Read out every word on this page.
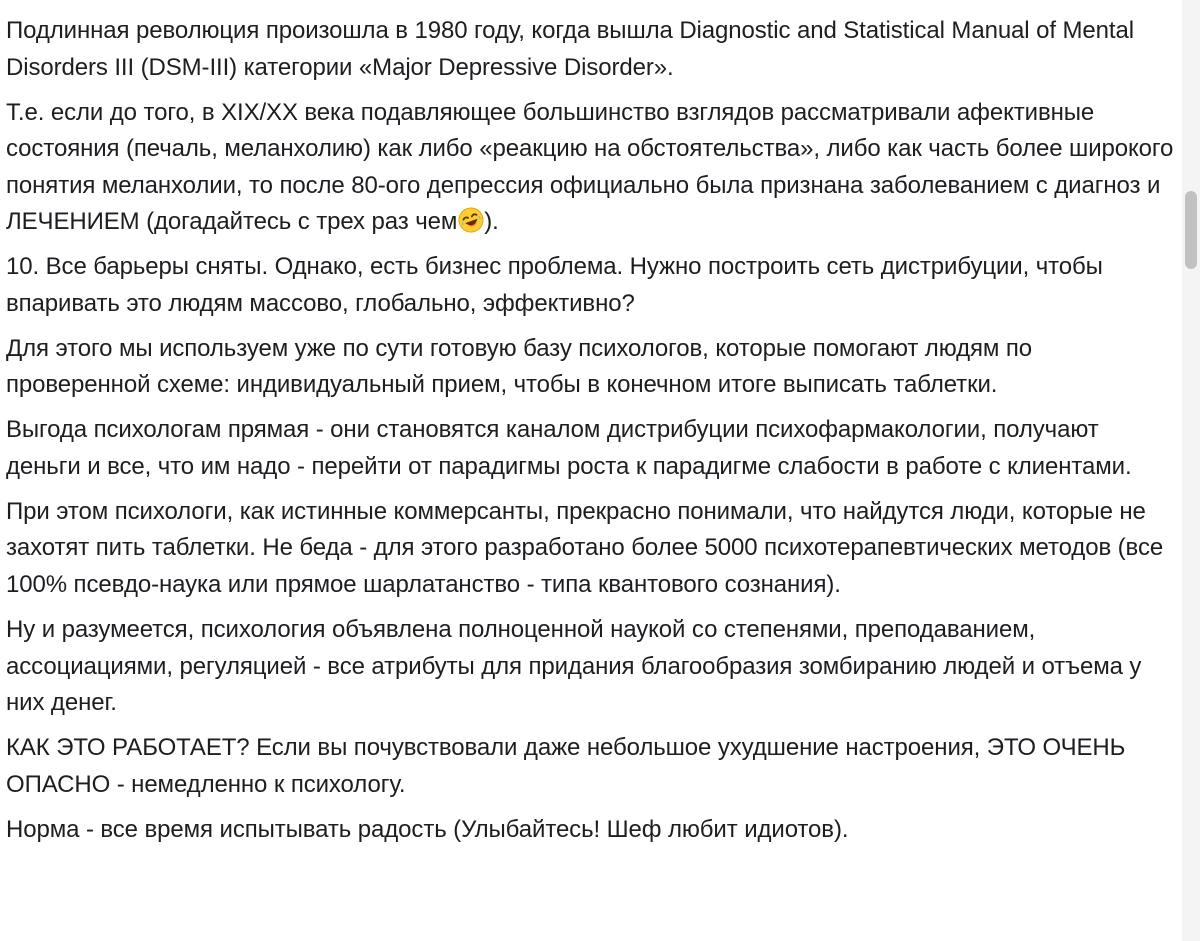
Подлинная революция произошла в 1980 году, когда вышла Diagnostic and Statistical Manual of Mental Disorders III (DSM-III) категории «Major Depressive Disorder».

Т.е. если до того, в XIX/XX века подавляющее большинство взглядов рассматривали афективные состояния (печаль, меланхолию) как либо «реакцию на обстоятельства», либо как часть более широкого понятия меланхолии, то после 80-ого депрессия официально была признана заболеванием с диагноз и ЛЕЧЕНИЕМ (догадайтесь с трех раз чем ).

10. Все барьеры сняты. Однако, есть бизнес проблема. Нужно построить сеть дистрибуции, чтобы впаривать это людям массово, глобально, эффективно?

Для этого мы используем уже по сути готовую базу психологов, которые помогают людям по проверенной схеме: индивидуальный прием, чтобы в конечном итоге выписать таблетки.

Выгода психологам прямая - они становятся каналом дистрибуции психофармакологии, получают деньги и все, что им надо - перейти от парадигмы роста к парадигме слабости в работе с клиентами.

При этом психологи, как истинные коммерсанты, прекрасно понимали, что найдутся люди, которые не захотят пить таблетки. Не беда - для этого разработано более 5000 психотерапевтических методов (все 100% псевдо-наука или прямое шарлатанство - типа квантового сознания).

Ну и разумеется, психология объявлена полноценной наукой со степенями, преподаванием, ассоциациями, регуляцией - все атрибуты для придания благообразия зомбиранию людей и отъема у них денег.

КАК ЭТО РАБОТАЕТ? Если вы почувствовали даже небольшое ухудшение настроения, ЭТО ОЧЕНЬ ОПАСНО - немедленно к психологу.

Норма - все время испытывать радость (Улыбайтесь! Шеф любит идиотов).
